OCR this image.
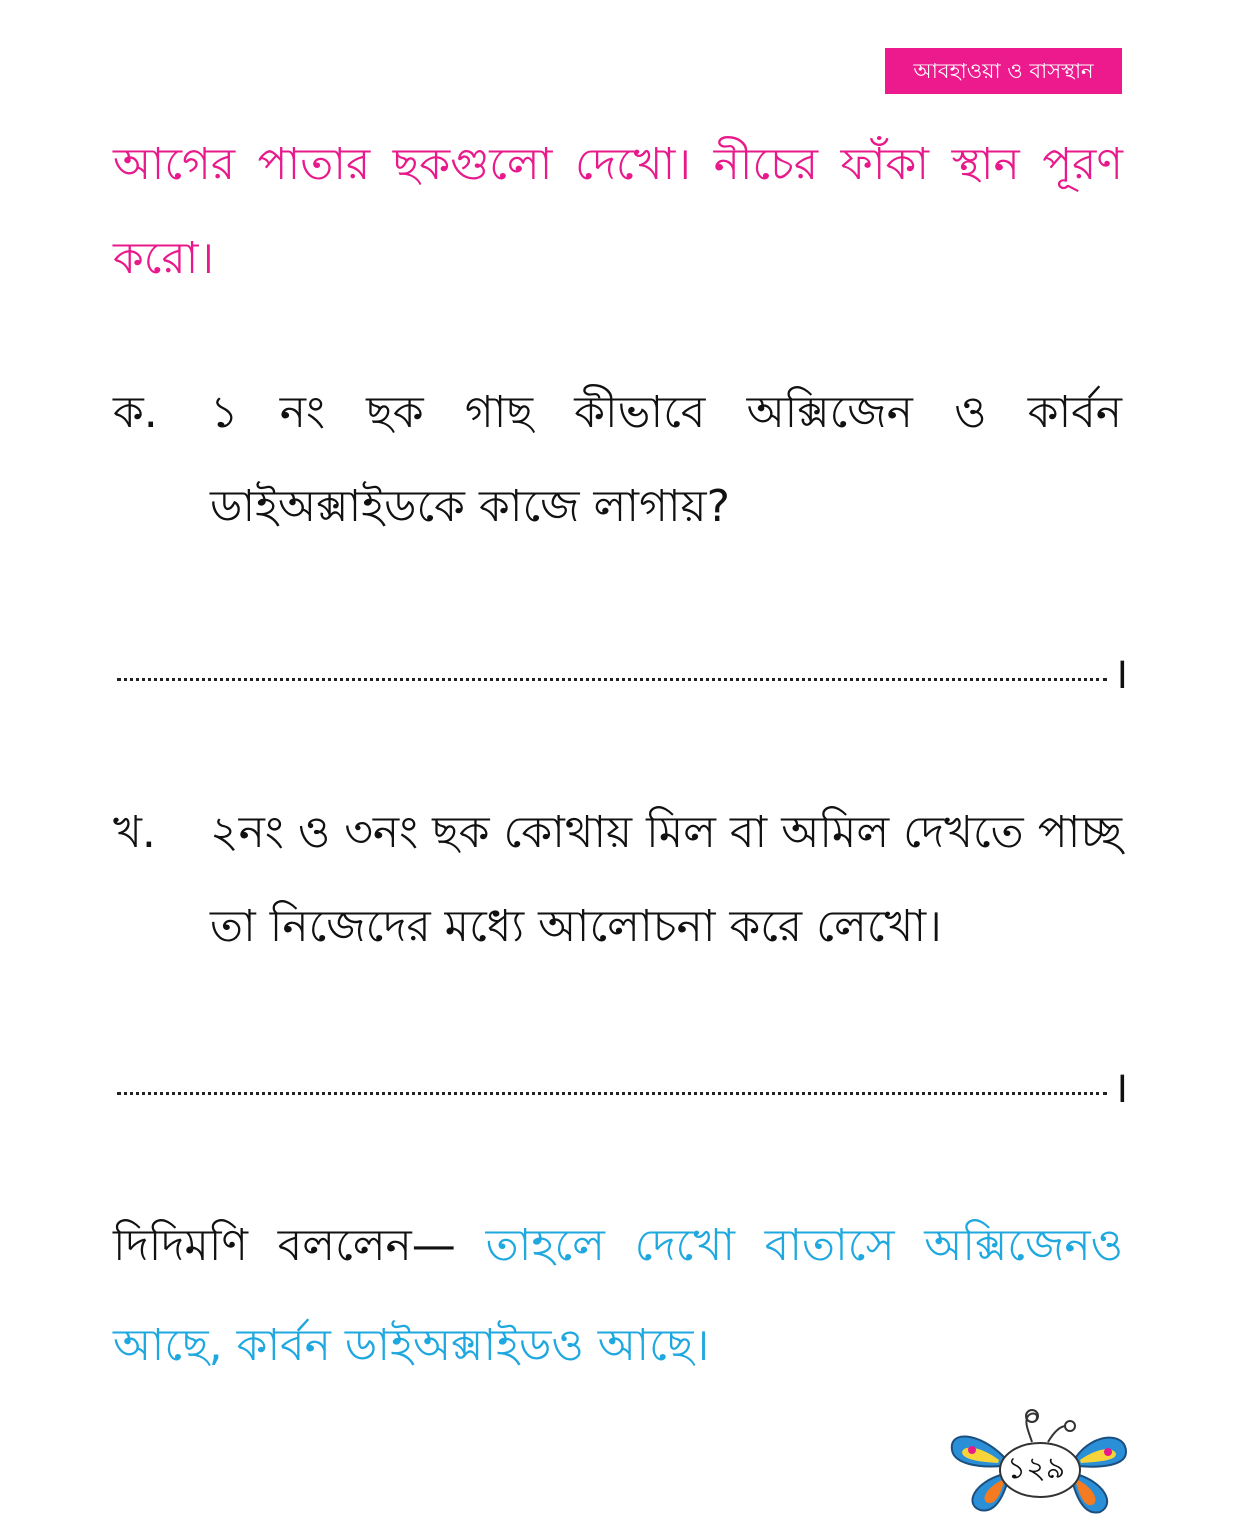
আবহাওয়া ও বাসস্থান
আগের পাতার ছকগুলো দেখো। নীচের ফাঁকা স্থান পূরণ করো।
ক. ১ নং ছক গাছ কীভাবে অক্সিজেন ও কার্বন ডাইঅক্সাইডকে কাজে লাগায়?
।
খ. ২নং ও ৩নং ছক কোথায় মিল বা অমিল দেখতে পাচ্ছ তা নিজেদের মধ্যে আলোচনা করে লেখো।
।
দিদিমণি বললেন— তাহলে দেখো বাতাসে অক্সিজেনও আছে, কার্বন ডাইঅক্সাইডও আছে।
১২৯
